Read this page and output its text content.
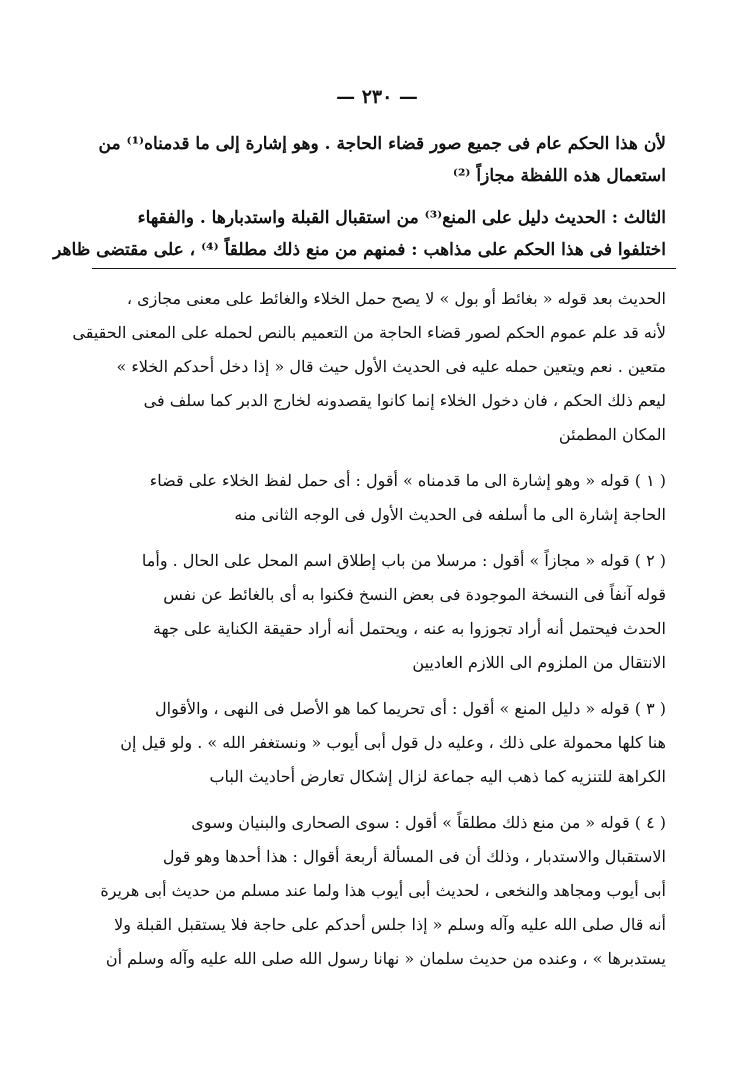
— ٢٣٠ —
لأن هذا الحكم عام فى جميع صور قضاء الحاجة . وهو إشارة إلى ما قدمناه⁽¹⁾ من
استعمال هذه اللفظة مجازاً ⁽²⁾
الثالث : الحديث دليل على المنع⁽³⁾ من استقبال القبلة واستدبارها . والفقهاء
اختلفوا فى هذا الحكم على مذاهب : فمنهم من منع ذلك مطلقاً ⁽⁴⁾ ، على مقتضى ظاهر
الحديث بعد قوله « بغائط أو بول » لا يصح حمل الخلاء والغائط على معنى مجازى ،
لأنه قد علم عموم الحكم لصور قضاء الحاجة من التعميم بالنص لحمله على المعنى الحقيقى
متعين . نعم ويتعين حمله عليه فى الحديث الأول حيث قال « إذا دخل أحدكم الخلاء »
ليعم ذلك الحكم ، فان دخول الخلاء إنما كانوا يقصدونه لخارج الدبر كما سلف فى
المكان المطمئن
( ١ ) قوله « وهو إشارة الى ما قدمناه » أقول : أى حمل لفظ الخلاء على قضاء
الحاجة إشارة الى ما أسلفه فى الحديث الأول فى الوجه الثانى منه
( ٢ ) قوله « مجازاً » أقول : مرسلا من باب إطلاق اسم المحل على الحال . وأما
قوله آنفاً فى النسخة الموجودة فى بعض النسخ فكنوا به أى بالغائط عن نفس
الحدث فيحتمل أنه أراد تجوزوا به عنه ، ويحتمل أنه أراد حقيقة الكناية على جهة
الانتقال من الملزوم الى اللازم العاديين
( ٣ ) قوله « دليل المنع » أقول : أى تحريما كما هو الأصل فى النهى ، والأقوال
هنا كلها محمولة على ذلك ، وعليه دل قول أبى أيوب « ونستغفر الله » . ولو قيل إن
الكراهة للتنزيه كما ذهب اليه جماعة لزال إشكال تعارض أحاديث الباب
( ٤ ) قوله « من منع ذلك مطلقاً » أقول : سوى الصحارى والبنيان وسوى
الاستقبال والاستدبار ، وذلك أن فى المسألة أربعة أقوال : هذا أحدها وهو قول
أبى أيوب ومجاهد والنخعى ، لحديث أبى أيوب هذا ولما عند مسلم من حديث أبى هريرة
أنه قال صلى الله عليه وآله وسلم « إذا جلس أحدكم على حاجة فلا يستقبل القبلة ولا
يستدبرها » ، وعنده من حديث سلمان « نهانا رسول الله صلى الله عليه وآله وسلم أن
